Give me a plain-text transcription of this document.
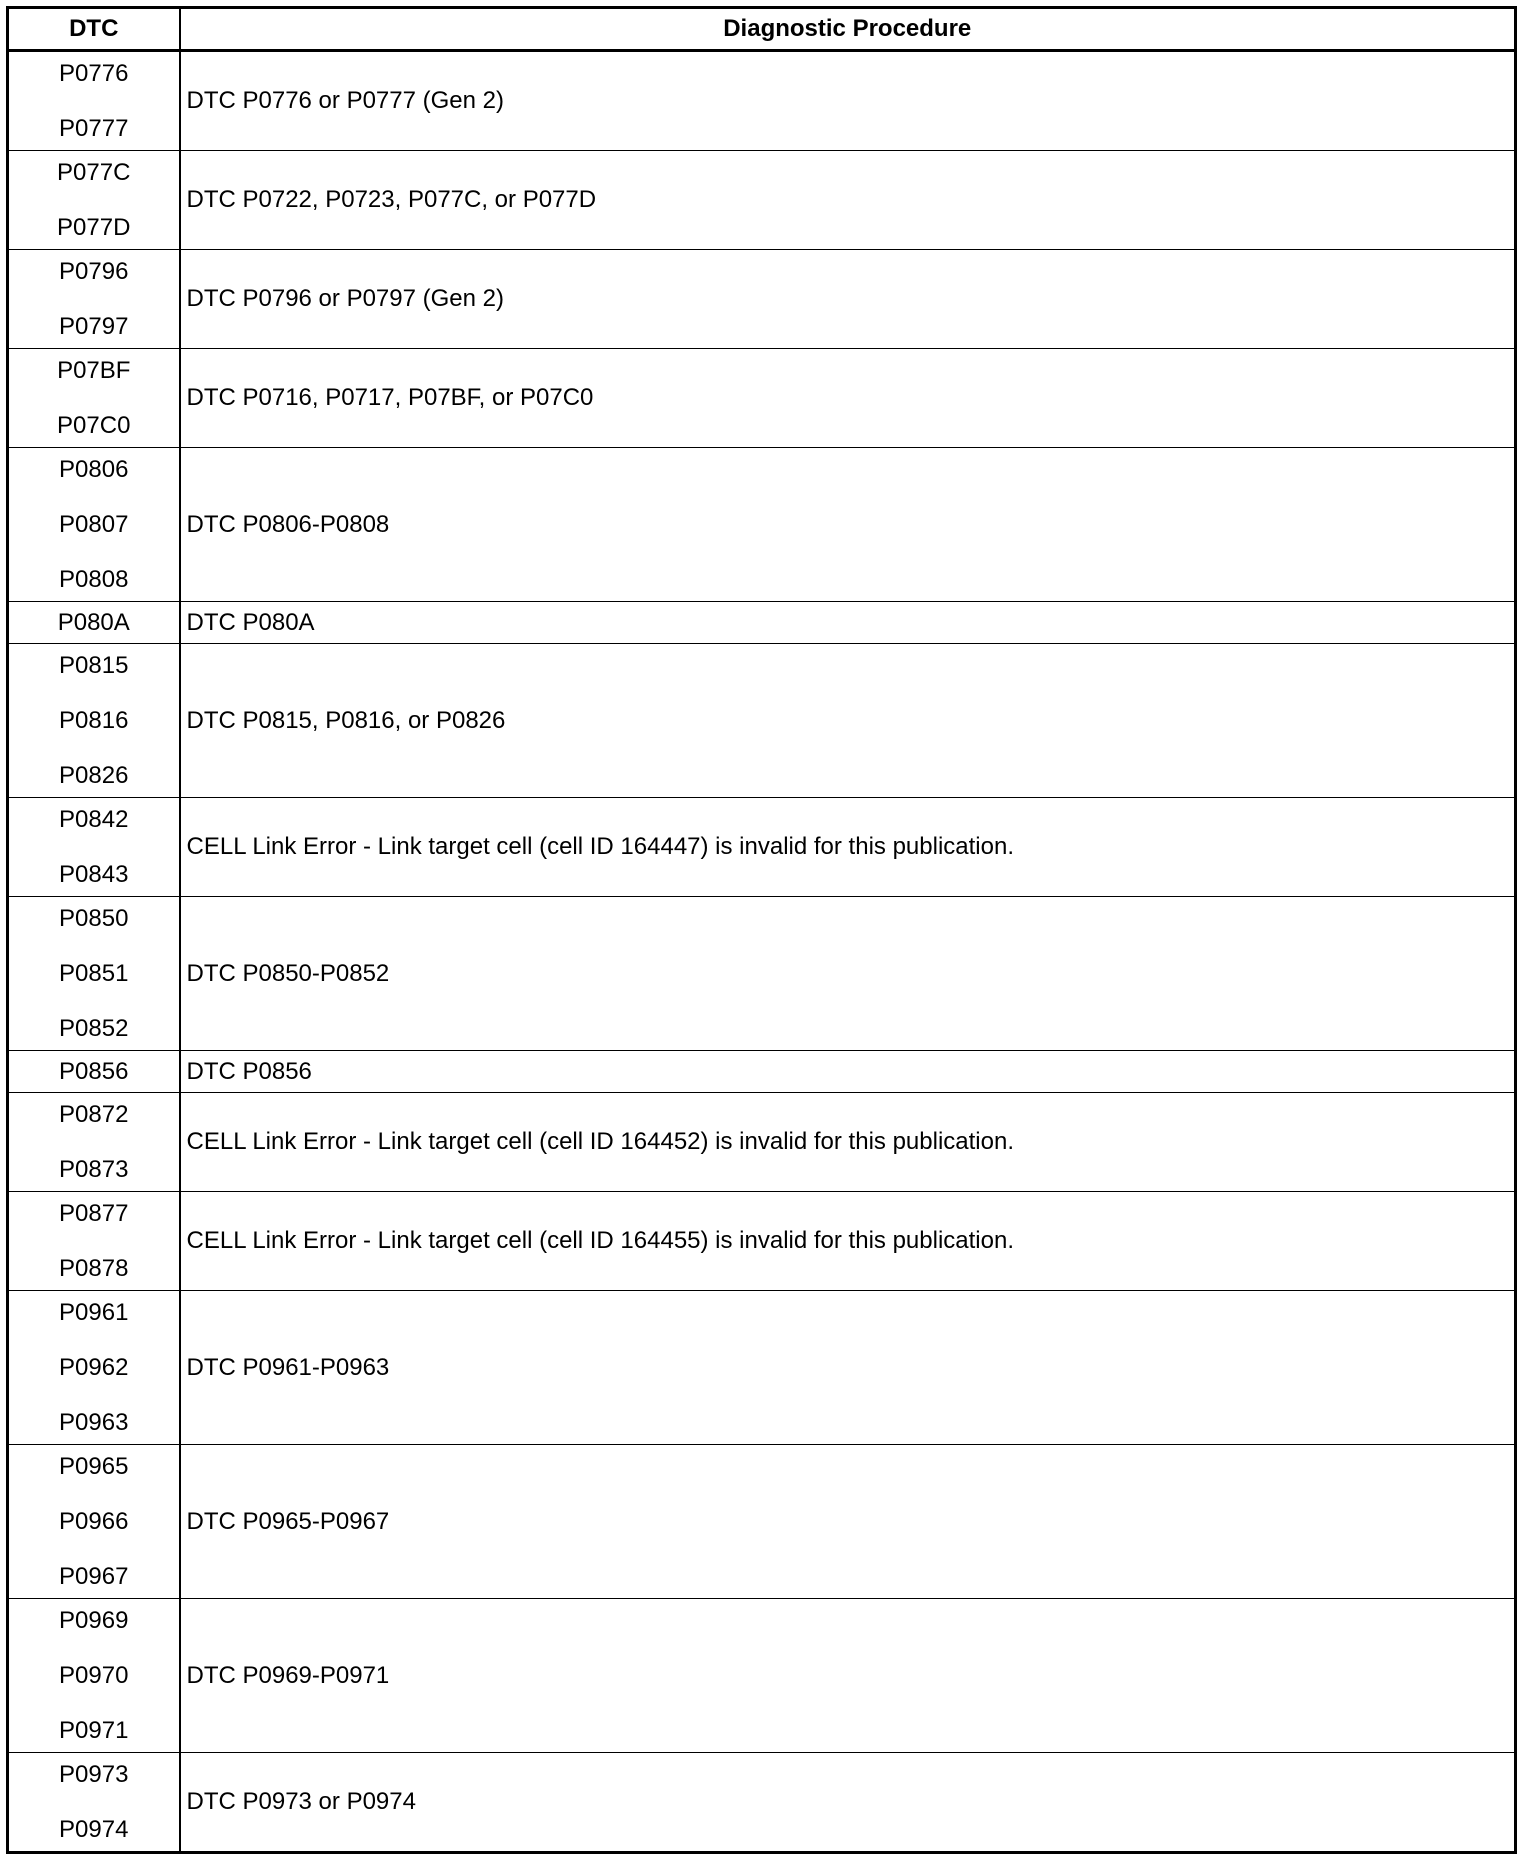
DTC	Diagnostic Procedure

P0776
P0777	DTC P0776 or P0777 (Gen 2)

P077C
P077D	DTC P0722, P0723, P077C, or P077D

P0796
P0797	DTC P0796 or P0797 (Gen 2)

P07BF
P07C0	DTC P0716, P0717, P07BF, or P07C0

P0806
P0807
P0808	DTC P0806-P0808

P080A	DTC P080A

P0815
P0816
P0826	DTC P0815, P0816, or P0826

P0842
P0843	CELL Link Error - Link target cell (cell ID 164447) is invalid for this publication.

P0850
P0851
P0852	DTC P0850-P0852

P0856	DTC P0856

P0872
P0873	CELL Link Error - Link target cell (cell ID 164452) is invalid for this publication.

P0877
P0878	CELL Link Error - Link target cell (cell ID 164455) is invalid for this publication.

P0961
P0962
P0963	DTC P0961-P0963

P0965
P0966
P0967	DTC P0965-P0967

P0969
P0970
P0971	DTC P0969-P0971

P0973
P0974	DTC P0973 or P0974
